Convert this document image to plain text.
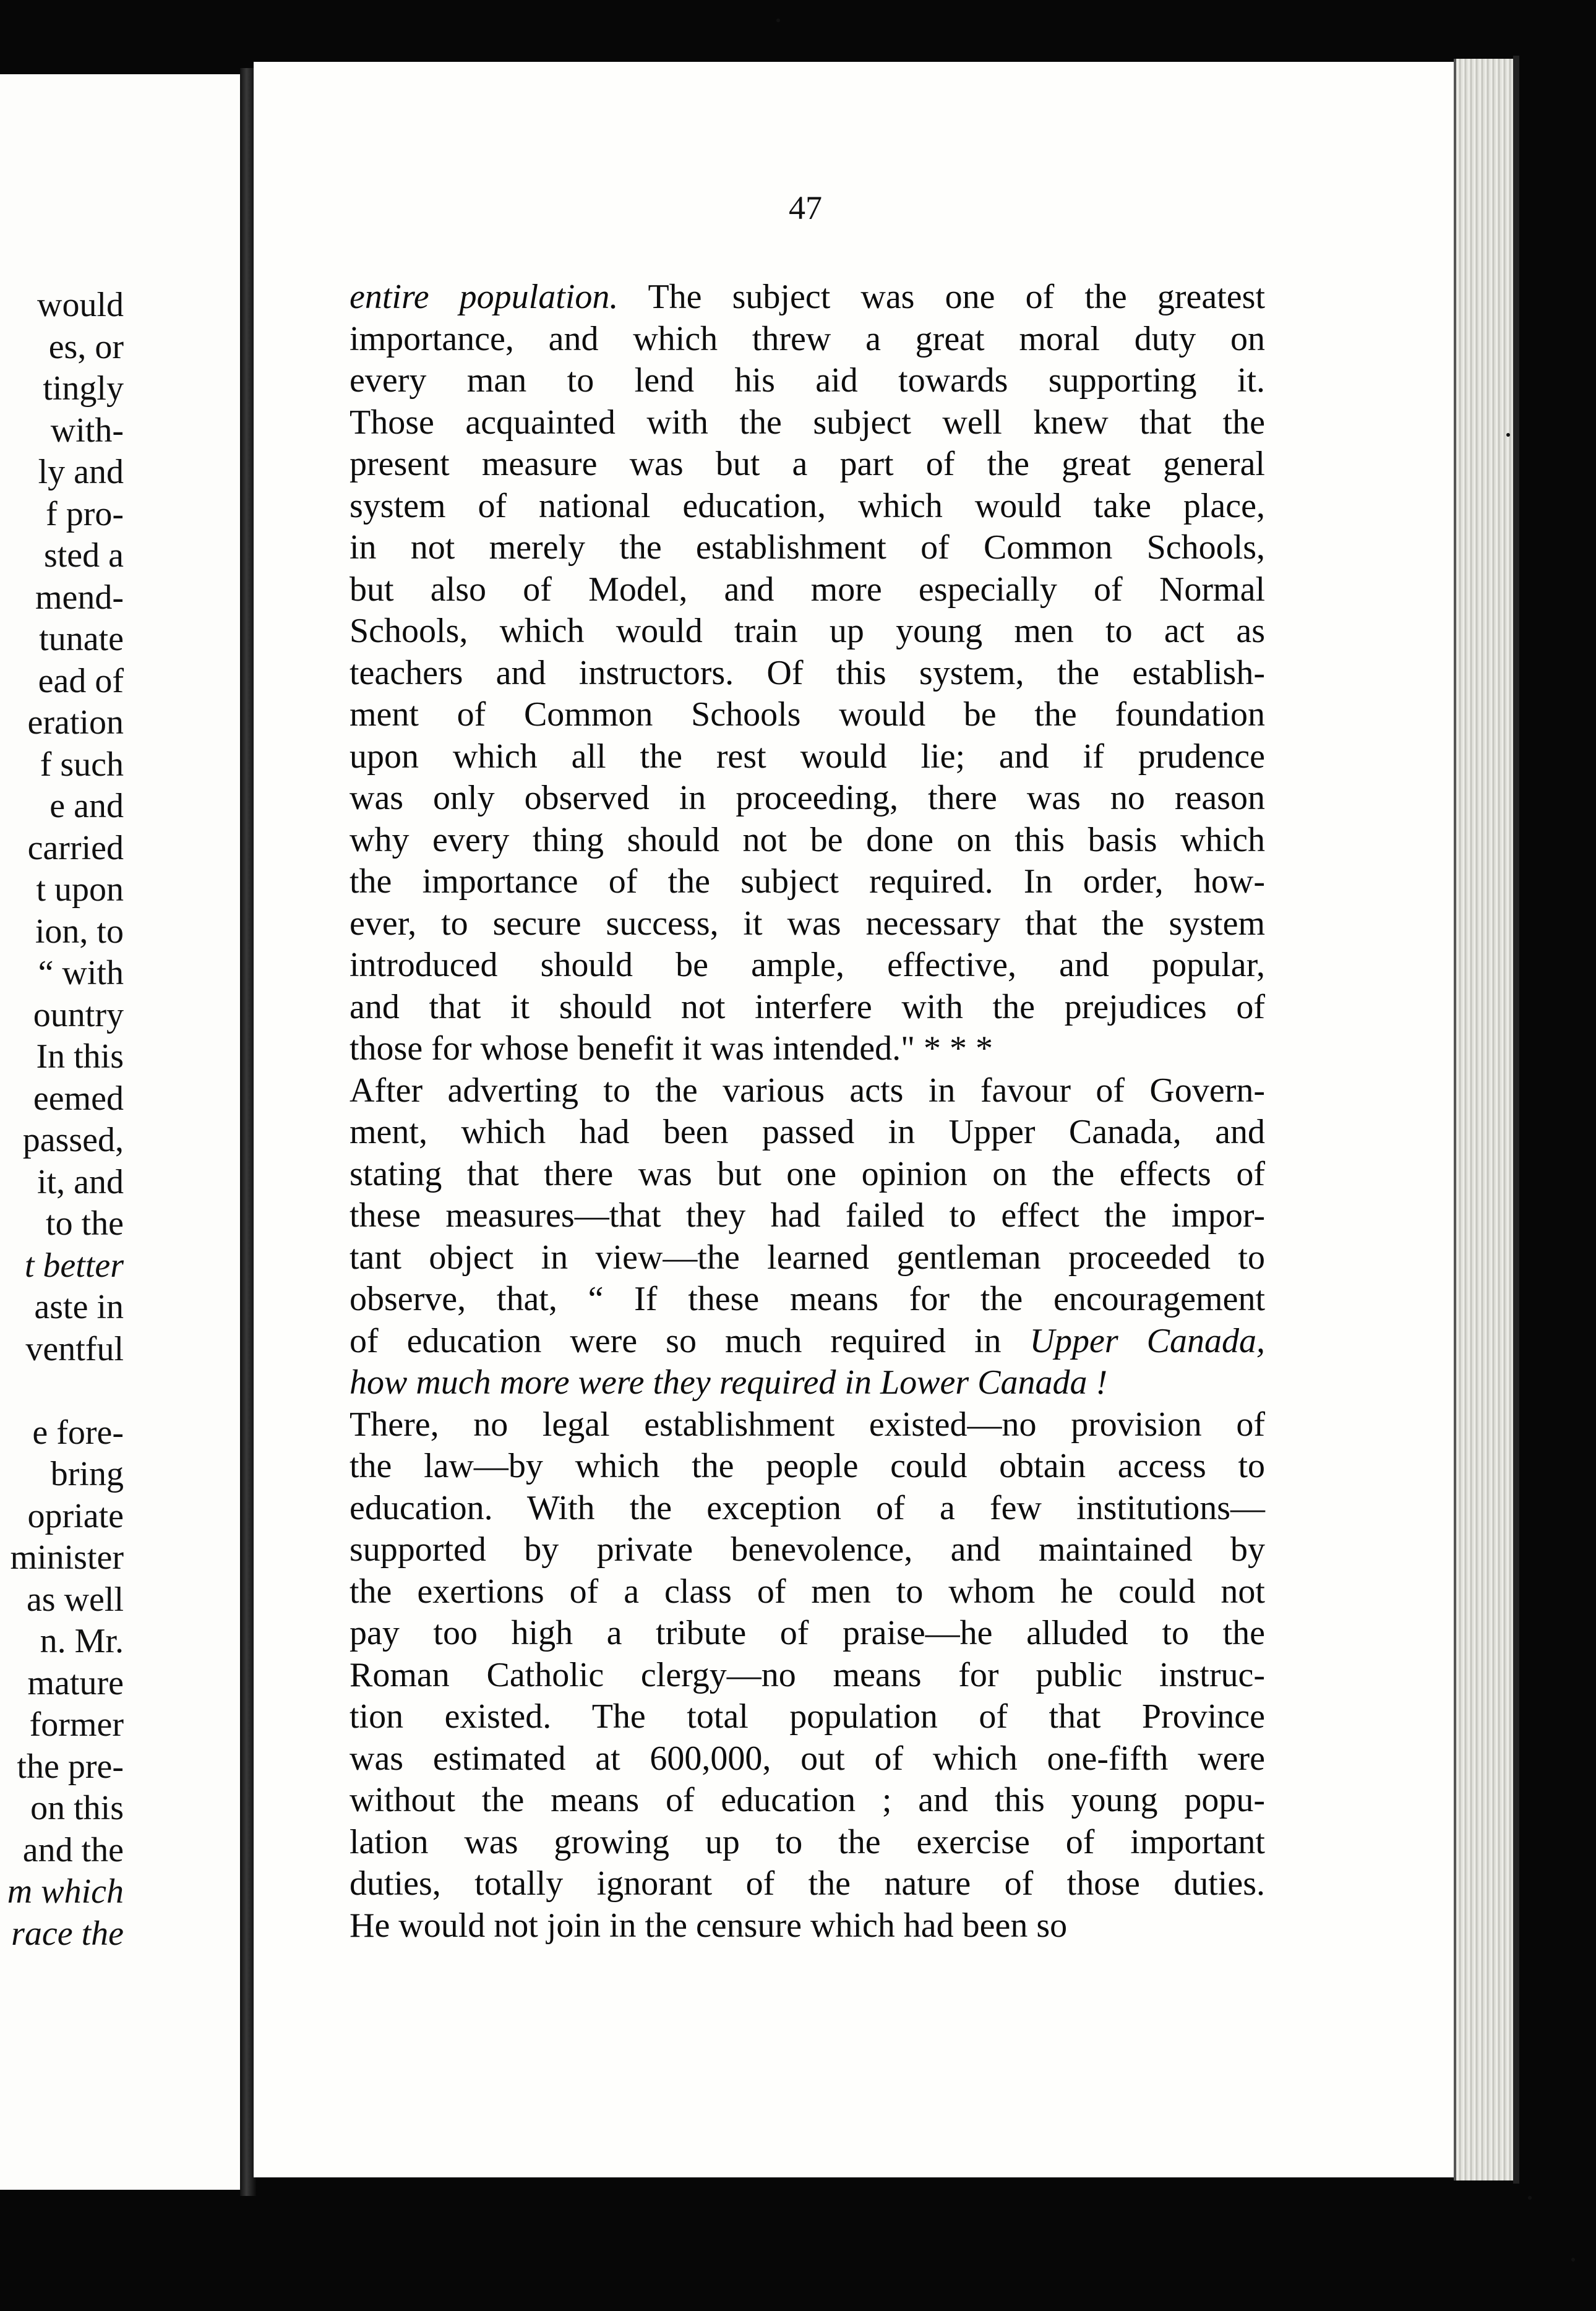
would
es, or
tingly
with-
ly and
f pro-
sted a
mend-
tunate
ead of
eration
f such
e and
carried
t upon
ion, to
“ with
ountry
In this
eemed
passed,
it, and
to the
t better
aste in
ventful
e fore-
bring
opriate
minister
as well
n. Mr.
mature
former
the pre-
on this
and the
m which
race the
47
entire population. The subject was one of the greatest
importance, and which threw a great moral duty on
every man to lend his aid towards supporting it.
Those acquainted with the subject well knew that the
present measure was but a part of the great general
system of national education, which would take place,
in not merely the establishment of Common Schools,
but also of Model, and more especially of Normal
Schools, which would train up young men to act as
teachers and instructors. Of this system, the establish-
ment of Common Schools would be the foundation
upon which all the rest would lie; and if prudence
was only observed in proceeding, there was no reason
why every thing should not be done on this basis which
the importance of the subject required. In order, how-
ever, to secure success, it was necessary that the system
introduced should be ample, effective, and popular,
and that it should not interfere with the prejudices of
those for whose benefit it was intended." * * *
After adverting to the various acts in favour of Govern-
ment, which had been passed in Upper Canada, and
stating that there was but one opinion on the effects of
these measures—that they had failed to effect the impor-
tant object in view—the learned gentleman proceeded to
observe, that, “ If these means for the encouragement
of education were so much required in Upper Canada,
how much more were they required in Lower Canada !
There, no legal establishment existed—no provision of
the law—by which the people could obtain access to
education. With the exception of a few institutions—
supported by private benevolence, and maintained by
the exertions of a class of men to whom he could not
pay too high a tribute of praise—he alluded to the
Roman Catholic clergy—no means for public instruc-
tion existed. The total population of that Province
was estimated at 600,000, out of which one-fifth were
without the means of education ; and this young popu-
lation was growing up to the exercise of important
duties, totally ignorant of the nature of those duties.
He would not join in the censure which had been so
